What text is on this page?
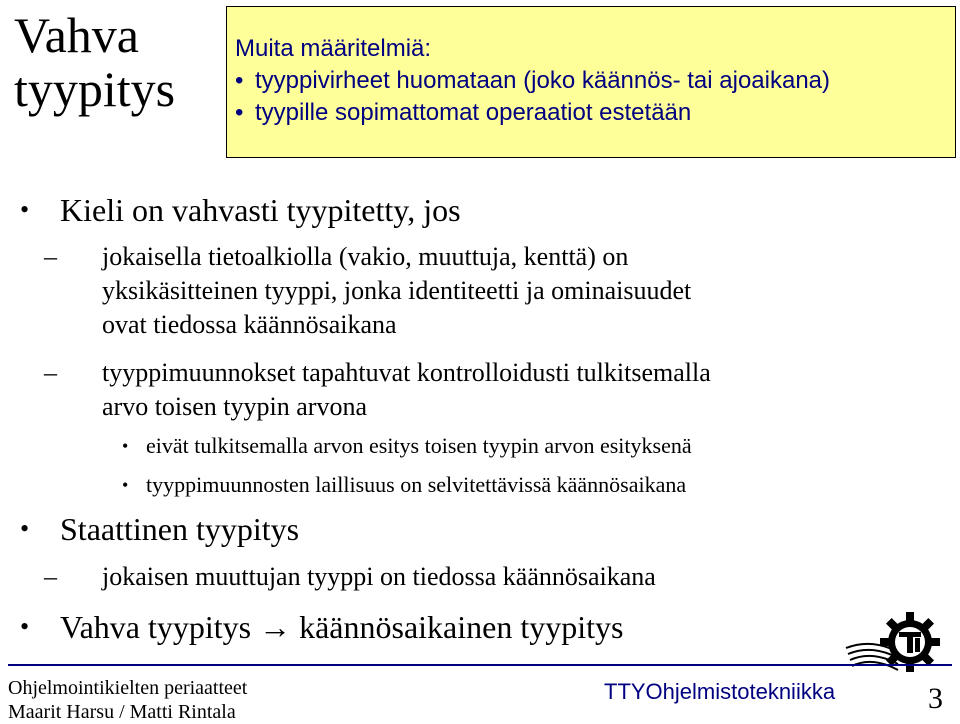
Vahva
tyypitys
Muita määritelmiä:
• tyyppivirheet huomataan (joko käännös- tai ajoaikana)
• tyypille sopimattomat operaatiot estetään
• Kieli on vahvasti tyypitetty, jos
– jokaisella tietoalkiolla (vakio, muuttuja, kenttä) on
yksikäsitteinen tyyppi, jonka identiteetti ja ominaisuudet
ovat tiedossa käännösaikana
– tyyppimuunnokset tapahtuvat kontrolloidusti tulkitsemalla
arvo toisen tyypin arvona
• eivät tulkitsemalla arvon esitys toisen tyypin arvon esityksenä
• tyyppimuunnosten laillisuus on selvitettävissä käännösaikana
• Staattinen tyypitys
– jokaisen muuttujan tyyppi on tiedossa käännösaikana
• Vahva tyypitys → käännösaikainen tyypitys
Ohjelmointikielten periaatteet
Maarit Harsu / Matti Rintala
TTYOhjelmistotekniikka	3
